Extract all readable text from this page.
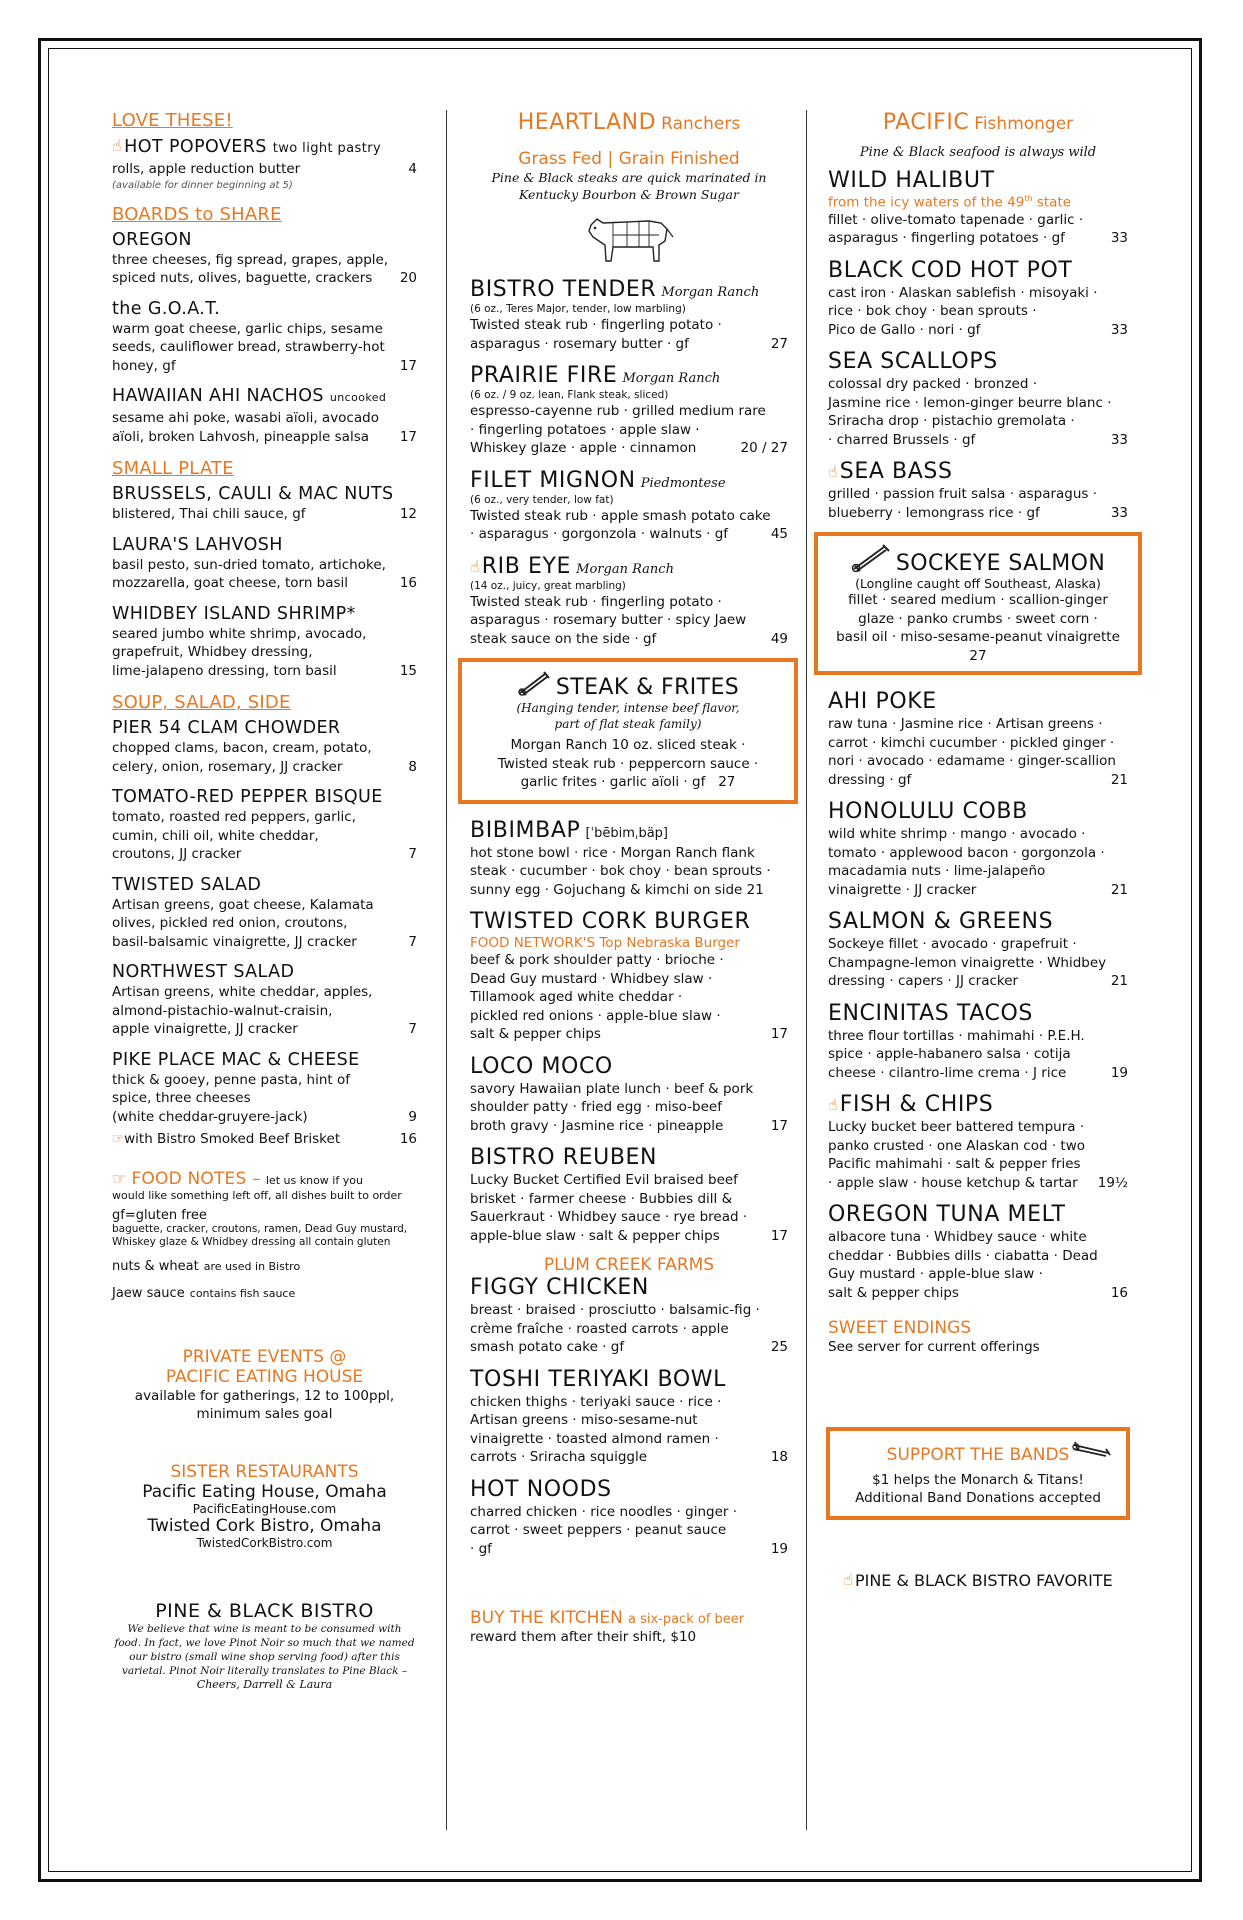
LOVE THESE!
☝ HOT POPOVERS two light pastry
rolls, apple reduction butter	4
(available for dinner beginning at 5)
BOARDS to SHARE
OREGON
three cheeses, fig spread, grapes, apple,
spiced nuts, olives, baguette, crackers	20
the G.O.A.T.
warm goat cheese, garlic chips, sesame
seeds, cauliflower bread, strawberry-hot
honey, gf	17
HAWAIIAN AHI NACHOS uncooked
sesame ahi poke, wasabi aïoli, avocado
aïoli, broken Lahvosh, pineapple salsa	17
SMALL PLATE
BRUSSELS, CAULI & MAC NUTS
blistered, Thai chili sauce, gf	12
LAURA'S LAHVOSH
basil pesto, sun-dried tomato, artichoke,
mozzarella, goat cheese, torn basil	16
WHIDBEY ISLAND SHRIMP*
seared jumbo white shrimp, avocado,
grapefruit, Whidbey dressing,
lime-jalapeno dressing, torn basil	15
SOUP, SALAD, SIDE
PIER 54 CLAM CHOWDER
chopped clams, bacon, cream, potato,
celery, onion, rosemary, JJ cracker	8
TOMATO-RED PEPPER BISQUE
tomato, roasted red peppers, garlic,
cumin, chili oil, white cheddar,
croutons, JJ cracker	7
TWISTED SALAD
Artisan greens, goat cheese, Kalamata
olives, pickled red onion, croutons,
basil-balsamic vinaigrette, JJ cracker	7
NORTHWEST SALAD
Artisan greens, white cheddar, apples,
almond-pistachio-walnut-craisin,
apple vinaigrette, JJ cracker	7
PIKE PLACE MAC & CHEESE
thick & gooey, penne pasta, hint of
spice, three cheeses
(white cheddar-gruyere-jack)	9
☞with Bistro Smoked Beef Brisket	16
☞ FOOD NOTES – let us know if you
would like something left off, all dishes built to order
gf=gluten free
baguette, cracker, croutons, ramen, Dead Guy mustard,
Whiskey glaze & Whidbey dressing all contain gluten
nuts & wheat are used in Bistro
Jaew sauce contains fish sauce
PRIVATE EVENTS @
PACIFIC EATING HOUSE
available for gatherings, 12 to 100ppl,
minimum sales goal
SISTER RESTAURANTS
Pacific Eating House, Omaha
PacificEatingHouse.com
Twisted Cork Bistro, Omaha
TwistedCorkBistro.com
PINE & BLACK BISTRO
We believe that wine is meant to be consumed with
food. In fact, we love Pinot Noir so much that we named
our bistro (small wine shop serving food) after this
varietal. Pinot Noir literally translates to Pine Black –
Cheers, Darrell & Laura
HEARTLAND Ranchers
Grass Fed | Grain Finished
Pine & Black steaks are quick marinated in
Kentucky Bourbon & Brown Sugar
BISTRO TENDER Morgan Ranch
(6 oz., Teres Major, tender, low marbling)
Twisted steak rub · fingerling potato ·
asparagus · rosemary butter · gf	27
PRAIRIE FIRE Morgan Ranch
(6 oz. / 9 oz. lean, Flank steak, sliced)
espresso-cayenne rub · grilled medium rare
· fingerling potatoes · apple slaw ·
Whiskey glaze · apple · cinnamon	20 / 27
FILET MIGNON Piedmontese
(6 oz., very tender, low fat)
Twisted steak rub · apple smash potato cake
· asparagus · gorgonzola · walnuts · gf	45
☝RIB EYE Morgan Ranch
(14 oz., juicy, great marbling)
Twisted steak rub · fingerling potato ·
asparagus · rosemary butter · spicy Jaew
steak sauce on the side · gf	49
STEAK & FRITES
(Hanging tender, intense beef flavor,
part of flat steak family)
Morgan Ranch 10 oz. sliced steak ·
Twisted steak rub · peppercorn sauce ·
garlic frites · garlic aïoli · gf 27
BIBIMBAP [ˈbēbimˌbäp]
hot stone bowl · rice · Morgan Ranch flank
steak · cucumber · bok choy · bean sprouts ·
sunny egg · Gojuchang & kimchi on side 21
TWISTED CORK BURGER
FOOD NETWORK'S Top Nebraska Burger
beef & pork shoulder patty · brioche ·
Dead Guy mustard · Whidbey slaw ·
Tillamook aged white cheddar ·
pickled red onions · apple-blue slaw ·
salt & pepper chips	17
LOCO MOCO
savory Hawaiian plate lunch · beef & pork
shoulder patty · fried egg · miso-beef
broth gravy · Jasmine rice · pineapple	17
BISTRO REUBEN
Lucky Bucket Certified Evil braised beef
brisket · farmer cheese · Bubbies dill &
Sauerkraut · Whidbey sauce · rye bread ·
apple-blue slaw · salt & pepper chips	17
PLUM CREEK FARMS
FIGGY CHICKEN
breast · braised · prosciutto · balsamic-fig ·
crème fraîche · roasted carrots · apple
smash potato cake · gf	25
TOSHI TERIYAKI BOWL
chicken thighs · teriyaki sauce · rice ·
Artisan greens · miso-sesame-nut
vinaigrette · toasted almond ramen ·
carrots · Sriracha squiggle	18
HOT NOODS
charred chicken · rice noodles · ginger ·
carrot · sweet peppers · peanut sauce
· gf	19
BUY THE KITCHEN a six-pack of beer
reward them after their shift, $10
PACIFIC Fishmonger
Pine & Black seafood is always wild
WILD HALIBUT
from the icy waters of the 49th state
fillet · olive-tomato tapenade · garlic ·
asparagus · fingerling potatoes · gf	33
BLACK COD HOT POT
cast iron · Alaskan sablefish · misoyaki ·
rice · bok choy · bean sprouts ·
Pico de Gallo · nori · gf	33
SEA SCALLOPS
colossal dry packed · bronzed ·
Jasmine rice · lemon-ginger beurre blanc ·
Sriracha drop · pistachio gremolata ·
· charred Brussels · gf	33
☝SEA BASS
grilled · passion fruit salsa · asparagus ·
blueberry · lemongrass rice · gf	33
SOCKEYE SALMON
(Longline caught off Southeast, Alaska)
fillet · seared medium · scallion-ginger
glaze · panko crumbs · sweet corn ·
basil oil · miso-sesame-peanut vinaigrette
27
AHI POKE
raw tuna · Jasmine rice · Artisan greens ·
carrot · kimchi cucumber · pickled ginger ·
nori · avocado · edamame · ginger-scallion
dressing · gf	21
HONOLULU COBB
wild white shrimp · mango · avocado ·
tomato · applewood bacon · gorgonzola ·
macadamia nuts · lime-jalapeño
vinaigrette · JJ cracker	21
SALMON & GREENS
Sockeye fillet · avocado · grapefruit ·
Champagne-lemon vinaigrette · Whidbey
dressing · capers · JJ cracker	21
ENCINITAS TACOS
three flour tortillas · mahimahi · P.E.H.
spice · apple-habanero salsa · cotija
cheese · cilantro-lime crema · J rice	19
☝FISH & CHIPS
Lucky bucket beer battered tempura ·
panko crusted · one Alaskan cod · two
Pacific mahimahi · salt & pepper fries
· apple slaw · house ketchup & tartar	19½
OREGON TUNA MELT
albacore tuna · Whidbey sauce · white
cheddar · Bubbies dills · ciabatta · Dead
Guy mustard · apple-blue slaw ·
salt & pepper chips	16
SWEET ENDINGS
See server for current offerings
SUPPORT THE BANDS
$1 helps the Monarch & Titans!
Additional Band Donations accepted
☝ PINE & BLACK BISTRO FAVORITE
